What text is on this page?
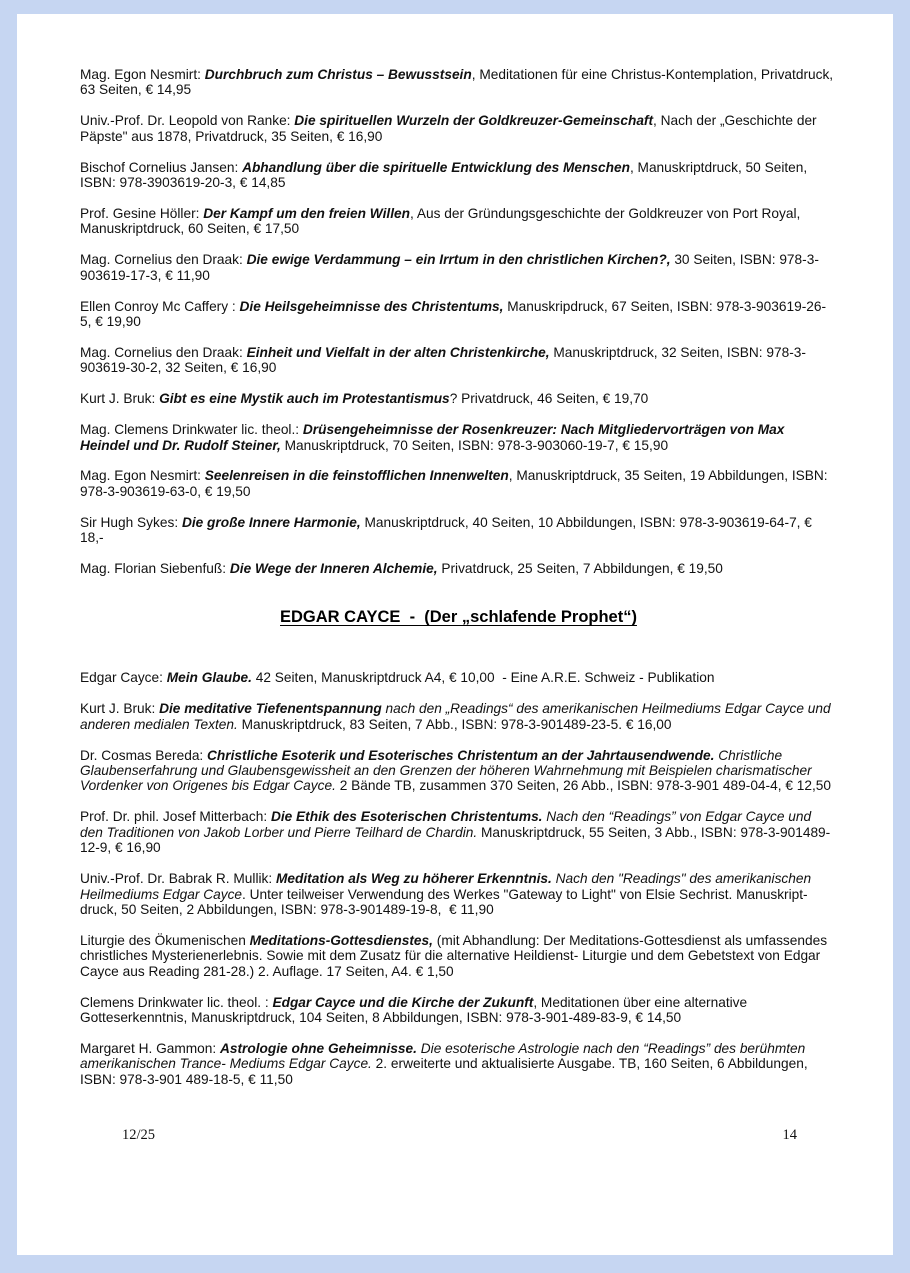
Mag. Egon Nesmirt: Durchbruch zum Christus – Bewusstsein, Meditationen für eine Christus-Kontemplation, Privatdruck, 63 Seiten, € 14,95

Univ.-Prof. Dr. Leopold von Ranke: Die spirituellen Wurzeln der Goldkreuzer-Gemeinschaft, Nach der „Geschichte der Päpste" aus 1878, Privatdruck, 35 Seiten, € 16,90

Bischof Cornelius Jansen: Abhandlung über die spirituelle Entwicklung des Menschen, Manuskriptdruck, 50 Seiten, ISBN: 978-3903619-20-3, € 14,85

Prof. Gesine Höller: Der Kampf um den freien Willen, Aus der Gründungsgeschichte der Goldkreuzer von Port Royal, Manuskriptdruck, 60 Seiten, € 17,50

Mag. Cornelius den Draak: Die ewige Verdammung – ein Irrtum in den christlichen Kirchen?, 30 Seiten, ISBN: 978-3-903619-17-3, € 11,90

Ellen Conroy Mc Caffery : Die Heilsgeheimnisse des Christentums, Manuskripdruck, 67 Seiten, ISBN: 978-3-903619-26-5, € 19,90

Mag. Cornelius den Draak: Einheit und Vielfalt in der alten Christenkirche, Manuskriptdruck, 32 Seiten, ISBN: 978-3-903619-30-2, 32 Seiten, € 16,90

Kurt J. Bruk: Gibt es eine Mystik auch im Protestantismus? Privatdruck, 46 Seiten, € 19,70

Mag. Clemens Drinkwater lic. theol.: Drüsengeheimnisse der Rosenkreuzer: Nach Mitgliedervorträgen von Max Heindel und Dr. Rudolf Steiner, Manuskriptdruck, 70 Seiten, ISBN: 978-3-903060-19-7, € 15,90

Mag. Egon Nesmirt: Seelenreisen in die feinstofflichen Innenwelten, Manuskriptdruck, 35 Seiten, 19 Abbildungen, ISBN: 978-3-903619-63-0, € 19,50

Sir Hugh Sykes: Die große Innere Harmonie, Manuskriptdruck, 40 Seiten, 10 Abbildungen, ISBN: 978-3-903619-64-7, € 18,-

Mag. Florian Siebenfuß: Die Wege der Inneren Alchemie, Privatdruck, 25 Seiten, 7 Abbildungen, € 19,50

EDGAR CAYCE  -  (Der „schlafende Prophet“)

Edgar Cayce: Mein Glaube. 42 Seiten, Manuskriptdruck A4, € 10,00  - Eine A.R.E. Schweiz - Publikation

Kurt J. Bruk: Die meditative Tiefenentspannung nach den „Readings“ des amerikanischen Heilmediums Edgar Cayce und anderen medialen Texten. Manuskriptdruck, 83 Seiten, 7 Abb., ISBN: 978-3-901489-23-5. € 16,00

Dr. Cosmas Bereda: Christliche Esoterik und Esoterisches Christentum an der Jahrtausendwende. Christliche Glaubenserfahrung und Glaubensgewissheit an den Grenzen der höheren Wahrnehmung mit Beispielen charismatischer Vordenker von Origenes bis Edgar Cayce. 2 Bände TB, zusammen 370 Seiten, 26 Abb., ISBN: 978-3-901 489-04-4, € 12,50

Prof. Dr. phil. Josef Mitterbach: Die Ethik des Esoterischen Christentums. Nach den “Readings” von Edgar Cayce und den Traditionen von Jakob Lorber und Pierre Teilhard de Chardin. Manuskriptdruck, 55 Seiten, 3 Abb., ISBN: 978-3-901489-12-9, € 16,90

Univ.-Prof. Dr. Babrak R. Mullik: Meditation als Weg zu höherer Erkenntnis. Nach den "Readings" des amerikanischen Heilmediums Edgar Cayce. Unter teilweiser Verwendung des Werkes "Gateway to Light" von Elsie Sechrist. Manuskript-druck, 50 Seiten, 2 Abbildungen, ISBN: 978-3-901489-19-8,  € 11,90

Liturgie des Ökumenischen Meditations-Gottesdienstes, (mit Abhandlung: Der Meditations-Gottesdienst als umfassendes christliches Mysterienerlebnis. Sowie mit dem Zusatz für die alternative Heildienst- Liturgie und dem Gebetstext von Edgar Cayce aus Reading 281-28.) 2. Auflage. 17 Seiten, A4. € 1,50

Clemens Drinkwater lic. theol. : Edgar Cayce und die Kirche der Zukunft, Meditationen über eine alternative Gotteserkenntnis, Manuskriptdruck, 104 Seiten, 8 Abbildungen, ISBN: 978-3-901-489-83-9, € 14,50

Margaret H. Gammon: Astrologie ohne Geheimnisse. Die esoterische Astrologie nach den “Readings” des berühmten amerikanischen Trance- Mediums Edgar Cayce. 2. erweiterte und aktualisierte Ausgabe. TB, 160 Seiten, 6 Abbildungen, ISBN: 978-3-901 489-18-5, € 11,50

12/25	14
